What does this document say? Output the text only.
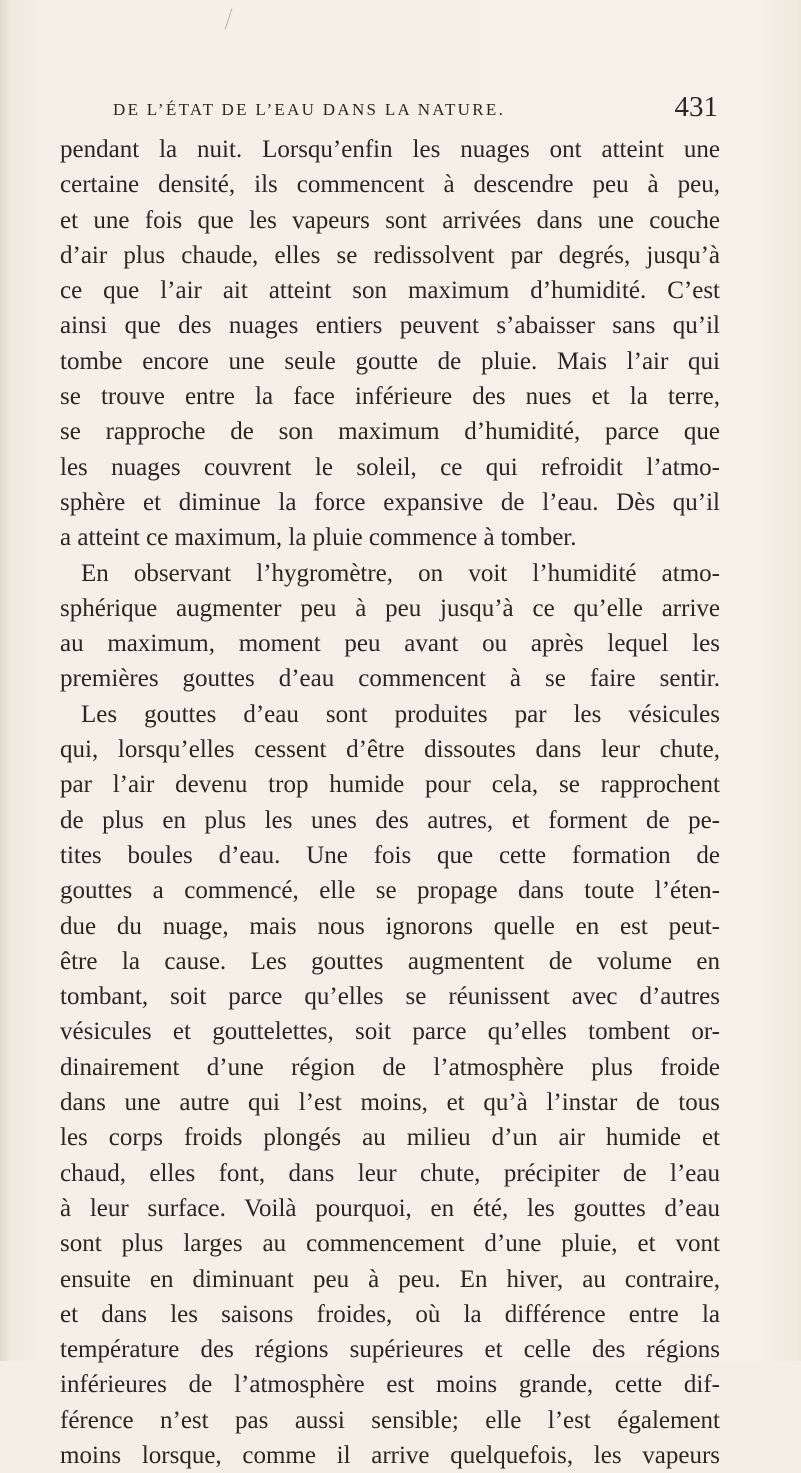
DE L’ÉTAT DE L’EAU DANS LA NATURE.	431
pendant la nuit. Lorsqu’enfin les nuages ont atteint une
certaine densité, ils commencent à descendre peu à peu,
et une fois que les vapeurs sont arrivées dans une couche
d’air plus chaude, elles se redissolvent par degrés, jusqu’à
ce que l’air ait atteint son maximum d’humidité. C’est
ainsi que des nuages entiers peuvent s’abaisser sans qu’il
tombe encore une seule goutte de pluie. Mais l’air qui
se trouve entre la face inférieure des nues et la terre,
se rapproche de son maximum d’humidité, parce que
les nuages couvrent le soleil, ce qui refroidit l’atmo-
sphère et diminue la force expansive de l’eau. Dès qu’il
a atteint ce maximum, la pluie commence à tomber.
En observant l’hygromètre, on voit l’humidité atmo-
sphérique augmenter peu à peu jusqu’à ce qu’elle arrive
au maximum, moment peu avant ou après lequel les
premières gouttes d’eau commencent à se faire sentir.
Les gouttes d’eau sont produites par les vésicules
qui, lorsqu’elles cessent d’être dissoutes dans leur chute,
par l’air devenu trop humide pour cela, se rapprochent
de plus en plus les unes des autres, et forment de pe-
tites boules d’eau. Une fois que cette formation de
gouttes a commencé, elle se propage dans toute l’éten-
due du nuage, mais nous ignorons quelle en est peut-
être la cause. Les gouttes augmentent de volume en
tombant, soit parce qu’elles se réunissent avec d’autres
vésicules et gouttelettes, soit parce qu’elles tombent or-
dinairement d’une région de l’atmosphère plus froide
dans une autre qui l’est moins, et qu’à l’instar de tous
les corps froids plongés au milieu d’un air humide et
chaud, elles font, dans leur chute, précipiter de l’eau
à leur surface. Voilà pourquoi, en été, les gouttes d’eau
sont plus larges au commencement d’une pluie, et vont
ensuite en diminuant peu à peu. En hiver, au contraire,
et dans les saisons froides, où la différence entre la
température des régions supérieures et celle des régions
inférieures de l’atmosphère est moins grande, cette dif-
férence n’est pas aussi sensible; elle l’est également
moins lorsque, comme il arrive quelquefois, les vapeurs
